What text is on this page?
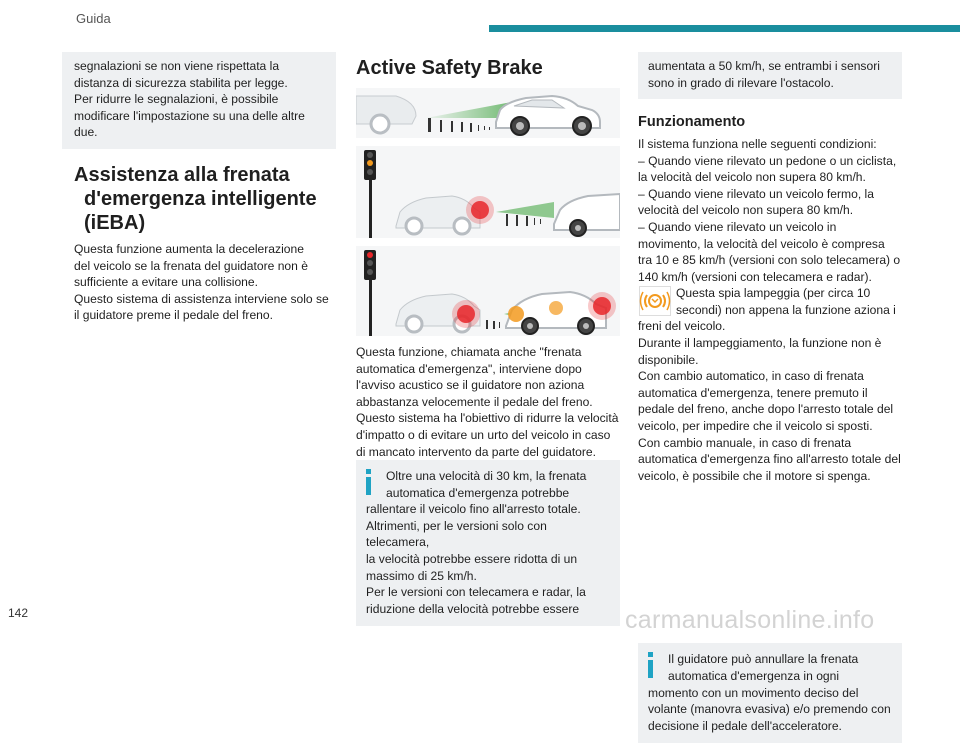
Guida
segnalazioni se non viene rispettata la
distanza di sicurezza stabilita per legge.
Per ridurre le segnalazioni, è possibile
modificare l'impostazione su una delle altre
due.
Assistenza alla frenata
d'emergenza intelligente
(iEBA)
Questa funzione aumenta la decelerazione
del veicolo se la frenata del guidatore non è
sufficiente a evitare una collisione.
Questo sistema di assistenza interviene solo se
il guidatore preme il pedale del freno.
Active Safety Brake
Questa funzione, chiamata anche "frenata
automatica d'emergenza", interviene dopo
l'avviso acustico se il guidatore non aziona
abbastanza velocemente il pedale del freno.
Questo sistema ha l'obiettivo di ridurre la velocità
d'impatto o di evitare un urto del veicolo in caso
di mancato intervento da parte del guidatore.
Oltre una velocità di 30 km, la frenata
automatica d'emergenza potrebbe
rallentare il veicolo fino all'arresto totale.
Altrimenti, per le versioni solo con telecamera,
la velocità potrebbe essere ridotta di un
massimo di 25 km/h.
Per le versioni con telecamera e radar, la
riduzione della velocità potrebbe essere
aumentata a 50 km/h, se entrambi i sensori
sono in grado di rilevare l'ostacolo.
Funzionamento
Il sistema funziona nelle seguenti condizioni:
– Quando viene rilevato un pedone o un ciclista,
la velocità del veicolo non supera 80 km/h.
– Quando viene rilevato un veicolo fermo, la
velocità del veicolo non supera 80 km/h.
– Quando viene rilevato un veicolo in
movimento, la velocità del veicolo è compresa
tra 10 e 85 km/h (versioni con solo telecamera) o
140 km/h (versioni con telecamera e radar).
Questa spia lampeggia (per circa 10
secondi) non appena la funzione aziona i
freni del veicolo.
Durante il lampeggiamento, la funzione non è
disponibile.
Con cambio automatico, in caso di frenata
automatica d'emergenza, tenere premuto il
pedale del freno, anche dopo l'arresto totale del
veicolo, per impedire che il veicolo si sposti.
Con cambio manuale, in caso di frenata
automatica d'emergenza fino all'arresto totale del
veicolo, è possibile che il motore si spenga.
Il guidatore può annullare la frenata
automatica d'emergenza in ogni
momento con un movimento deciso del
volante (manovra evasiva) e/o premendo con
decisione il pedale dell'acceleratore.
142	carmanualsonline.info
